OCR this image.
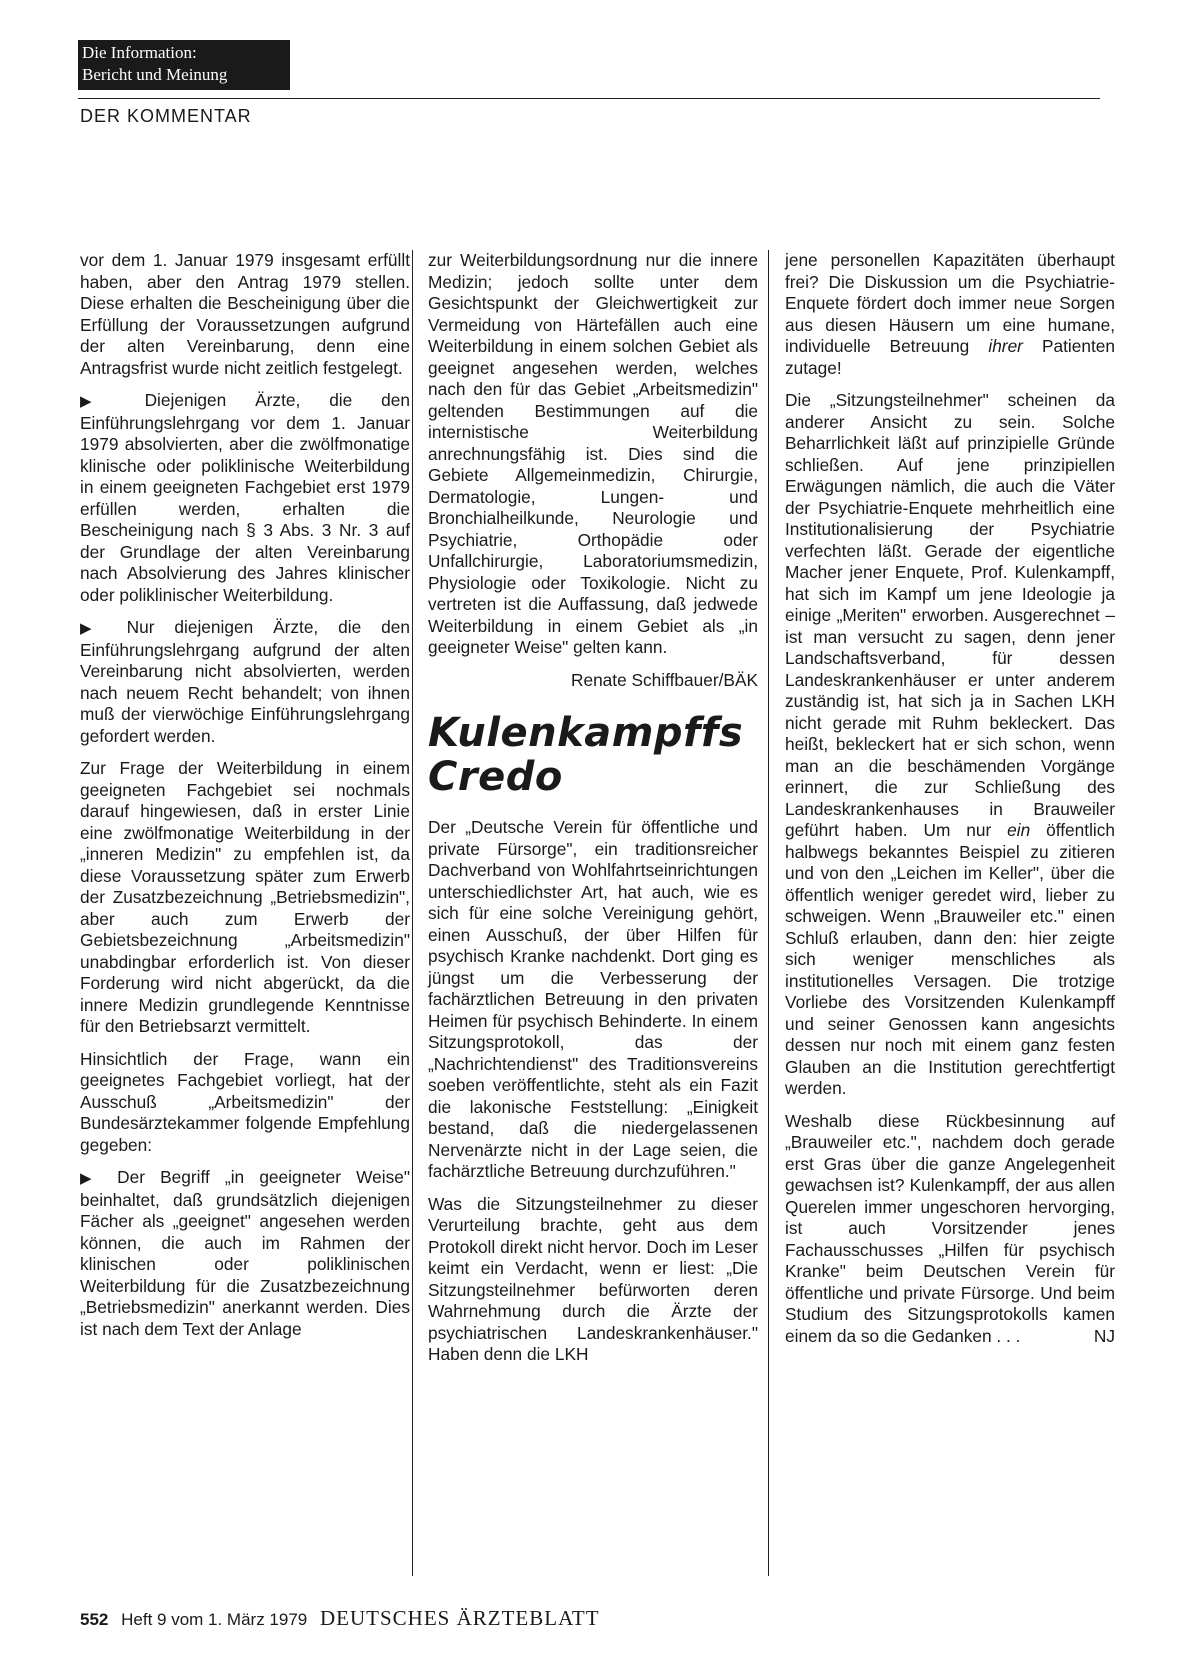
Die Information:
Bericht und Meinung
DER KOMMENTAR

vor dem 1. Januar 1979 insgesamt erfüllt haben, aber den Antrag 1979 stellen. Diese erhalten die Bescheinigung über die Erfüllung der Voraussetzungen aufgrund der alten Vereinbarung, denn eine Antragsfrist wurde nicht zeitlich festgelegt.

▶ Diejenigen Ärzte, die den Einführungslehrgang vor dem 1. Januar 1979 absolvierten, aber die zwölfmonatige klinische oder poliklinische Weiterbildung in einem geeigneten Fachgebiet erst 1979 erfüllen werden, erhalten die Bescheinigung nach § 3 Abs. 3 Nr. 3 auf der Grundlage der alten Vereinbarung nach Absolvierung des Jahres klinischer oder poliklinischer Weiterbildung.

▶ Nur diejenigen Ärzte, die den Einführungslehrgang aufgrund der alten Vereinbarung nicht absolvierten, werden nach neuem Recht behandelt; von ihnen muß der vierwöchige Einführungslehrgang gefordert werden.

Zur Frage der Weiterbildung in einem geeigneten Fachgebiet sei nochmals darauf hingewiesen, daß in erster Linie eine zwölfmonatige Weiterbildung in der „inneren Medizin" zu empfehlen ist, da diese Voraussetzung später zum Erwerb der Zusatzbezeichnung „Betriebsmedizin", aber auch zum Erwerb der Gebietsbezeichnung „Arbeitsmedizin" unabdingbar erforderlich ist. Von dieser Forderung wird nicht abgerückt, da die innere Medizin grundlegende Kenntnisse für den Betriebsarzt vermittelt.

Hinsichtlich der Frage, wann ein geeignetes Fachgebiet vorliegt, hat der Ausschuß „Arbeitsmedizin" der Bundesärztekammer folgende Empfehlung gegeben:

▶ Der Begriff „in geeigneter Weise" beinhaltet, daß grundsätzlich diejenigen Fächer als „geeignet" angesehen werden können, die auch im Rahmen der klinischen oder poliklinischen Weiterbildung für die Zusatzbezeichnung „Betriebsmedizin" anerkannt werden. Dies ist nach dem Text der Anlage

zur Weiterbildungsordnung nur die innere Medizin; jedoch sollte unter dem Gesichtspunkt der Gleichwertigkeit zur Vermeidung von Härtefällen auch eine Weiterbildung in einem solchen Gebiet als geeignet angesehen werden, welches nach den für das Gebiet „Arbeitsmedizin" geltenden Bestimmungen auf die internistische Weiterbildung anrechnungsfähig ist. Dies sind die Gebiete Allgemeinmedizin, Chirurgie, Dermatologie, Lungen- und Bronchialheilkunde, Neurologie und Psychiatrie, Orthopädie oder Unfallchirurgie, Laboratoriumsmedizin, Physiologie oder Toxikologie. Nicht zu vertreten ist die Auffassung, daß jedwede Weiterbildung in einem Gebiet als „in geeigneter Weise" gelten kann.

Renate Schiffbauer/BÄK

Kulenkampffs
Credo

Der „Deutsche Verein für öffentliche und private Fürsorge", ein traditionsreicher Dachverband von Wohlfahrtseinrichtungen unterschiedlichster Art, hat auch, wie es sich für eine solche Vereinigung gehört, einen Ausschuß, der über Hilfen für psychisch Kranke nachdenkt. Dort ging es jüngst um die Verbesserung der fachärztlichen Betreuung in den privaten Heimen für psychisch Behinderte. In einem Sitzungsprotokoll, das der „Nachrichtendienst" des Traditionsvereins soeben veröffentlichte, steht als ein Fazit die lakonische Feststellung: „Einigkeit bestand, daß die niedergelassenen Nervenärzte nicht in der Lage seien, die fachärztliche Betreuung durchzuführen."

Was die Sitzungsteilnehmer zu dieser Verurteilung brachte, geht aus dem Protokoll direkt nicht hervor. Doch im Leser keimt ein Verdacht, wenn er liest: „Die Sitzungsteilnehmer befürworten deren Wahrnehmung durch die Ärzte der psychiatrischen Landeskrankenhäuser." Haben denn die LKH

jene personellen Kapazitäten überhaupt frei? Die Diskussion um die Psychiatrie-Enquete fördert doch immer neue Sorgen aus diesen Häusern um eine humane, individuelle Betreuung ihrer Patienten zutage!

Die „Sitzungsteilnehmer" scheinen da anderer Ansicht zu sein. Solche Beharrlichkeit läßt auf prinzipielle Gründe schließen. Auf jene prinzipiellen Erwägungen nämlich, die auch die Väter der Psychiatrie-Enquete mehrheitlich eine Institutionalisierung der Psychiatrie verfechten läßt. Gerade der eigentliche Macher jener Enquete, Prof. Kulenkampff, hat sich im Kampf um jene Ideologie ja einige „Meriten" erworben. Ausgerechnet – ist man versucht zu sagen, denn jener Landschaftsverband, für dessen Landeskrankenhäuser er unter anderem zuständig ist, hat sich ja in Sachen LKH nicht gerade mit Ruhm bekleckert. Das heißt, bekleckert hat er sich schon, wenn man an die beschämenden Vorgänge erinnert, die zur Schließung des Landeskrankenhauses in Brauweiler geführt haben. Um nur ein öffentlich halbwegs bekanntes Beispiel zu zitieren und von den „Leichen im Keller", über die öffentlich weniger geredet wird, lieber zu schweigen. Wenn „Brauweiler etc." einen Schluß erlauben, dann den: hier zeigte sich weniger menschliches als institutionelles Versagen. Die trotzige Vorliebe des Vorsitzenden Kulenkampff und seiner Genossen kann angesichts dessen nur noch mit einem ganz festen Glauben an die Institution gerechtfertigt werden.

Weshalb diese Rückbesinnung auf „Brauweiler etc.", nachdem doch gerade erst Gras über die ganze Angelegenheit gewachsen ist? Kulenkampff, der aus allen Querelen immer ungeschoren hervorging, ist auch Vorsitzender jenes Fachausschusses „Hilfen für psychisch Kranke" beim Deutschen Verein für öffentliche und private Fürsorge. Und beim Studium des Sitzungsprotokolls kamen einem da so die Gedanken . . .	NJ

552 Heft 9 vom 1. März 1979 DEUTSCHES ÄRZTEBLATT
